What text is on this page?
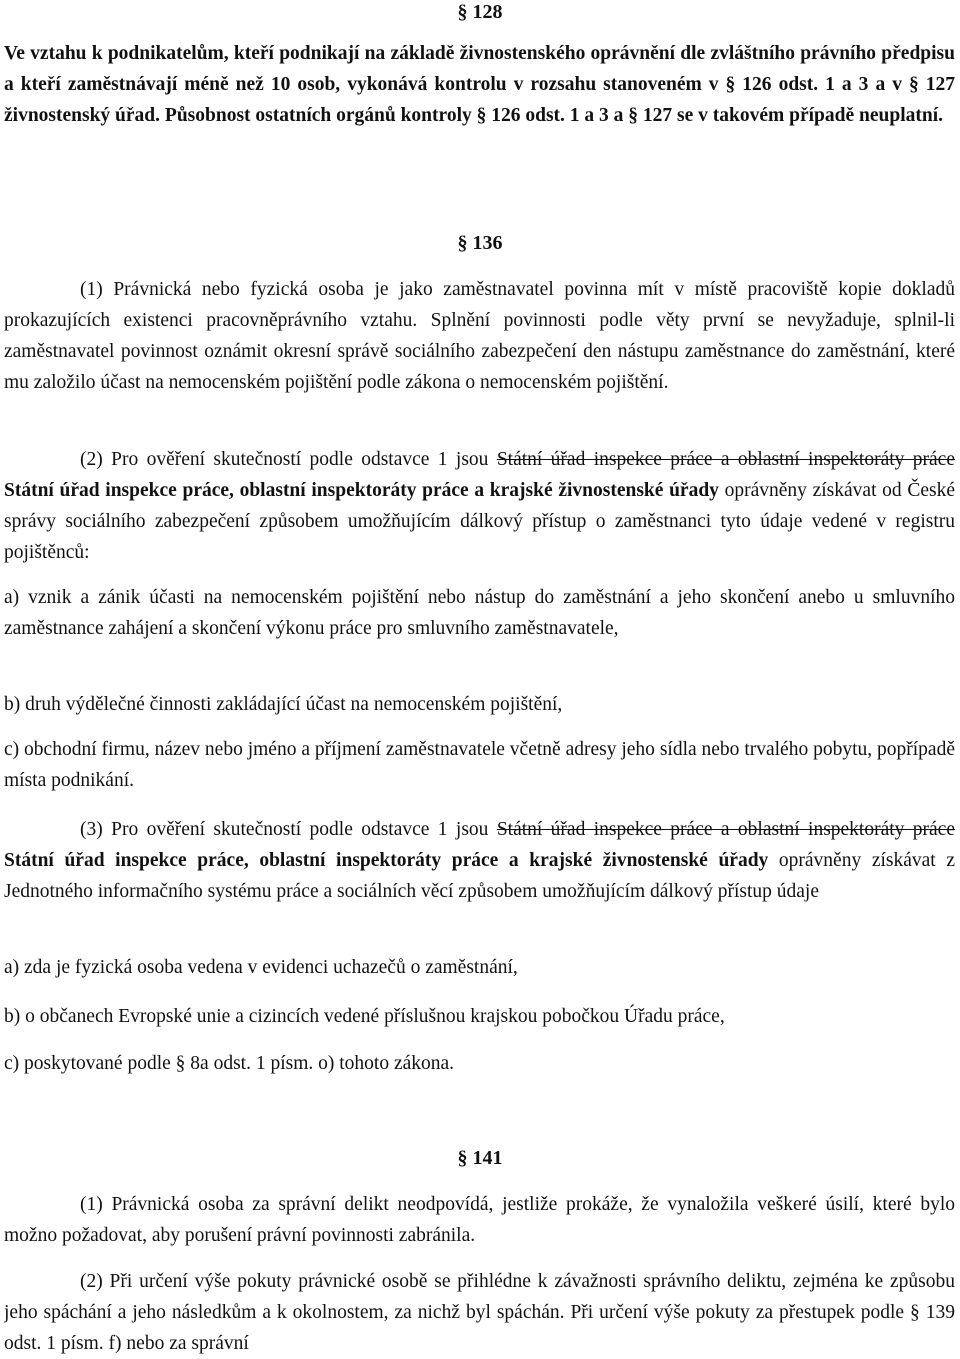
§ 128
Ve vztahu k podnikatelům, kteří podnikají na základě živnostenského oprávnění dle zvláštního právního předpisu a kteří zaměstnávají méně než 10 osob, vykonává kontrolu v rozsahu stanoveném v § 126 odst. 1 a 3 a v § 127 živnostenský úřad. Působnost ostatních orgánů kontroly § 126 odst. 1 a 3 a § 127 se v takovém případě neuplatní.
§ 136
(1) Právnická nebo fyzická osoba je jako zaměstnavatel povinna mít v místě pracoviště kopie dokladů prokazujících existenci pracovněprávního vztahu. Splnění povinnosti podle věty první se nevyžaduje, splnil-li zaměstnavatel povinnost oznámit okresní správě sociálního zabezpečení den nástupu zaměstnance do zaměstnání, které mu založilo účast na nemocenském pojištění podle zákona o nemocenském pojištění.
(2) Pro ověření skutečností podle odstavce 1 jsou Státní úřad inspekce práce a oblastní inspektoráty práce Státní úřad inspekce práce, oblastní inspektoráty práce a krajské živnostenské úřady oprávněny získávat od České správy sociálního zabezpečení způsobem umožňujícím dálkový přístup o zaměstnanci tyto údaje vedené v registru pojištěnců:
a) vznik a zánik účasti na nemocenském pojištění nebo nástup do zaměstnání a jeho skončení anebo u smluvního zaměstnance zahájení a skončení výkonu práce pro smluvního zaměstnavatele,
b) druh výdělečné činnosti zakládající účast na nemocenském pojištění,
c) obchodní firmu, název nebo jméno a příjmení zaměstnavatele včetně adresy jeho sídla nebo trvalého pobytu, popřípadě místa podnikání.
(3) Pro ověření skutečností podle odstavce 1 jsou Státní úřad inspekce práce a oblastní inspektoráty práce Státní úřad inspekce práce, oblastní inspektoráty práce a krajské živnostenské úřady oprávněny získávat z Jednotného informačního systému práce a sociálních věcí způsobem umožňujícím dálkový přístup údaje
a) zda je fyzická osoba vedena v evidenci uchazečů o zaměstnání,
b) o občanech Evropské unie a cizincích vedené příslušnou krajskou pobočkou Úřadu práce,
c) poskytované podle § 8a odst. 1 písm. o) tohoto zákona.
§ 141
(1) Právnická osoba za správní delikt neodpovídá, jestliže prokáže, že vynaložila veškeré úsilí, které bylo možno požadovat, aby porušení právní povinnosti zabránila.
(2) Při určení výše pokuty právnické osobě se přihlédne k závažnosti správního deliktu, zejména ke způsobu jeho spáchání a jeho následkům a k okolnostem, za nichž byl spáchán. Při určení výše pokuty za přestupek podle § 139 odst. 1 písm. f) nebo za správní
